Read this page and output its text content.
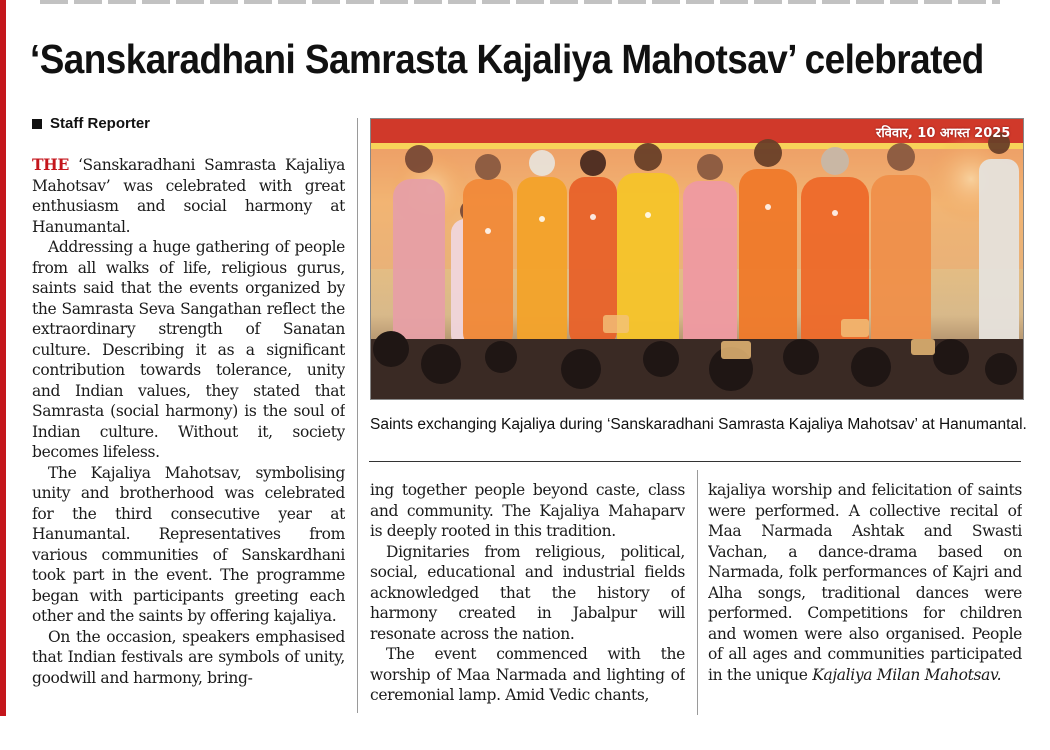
‘Sanskaradhani Samrasta Kajaliya Mahotsav’ celebrated
Staff Reporter

THE ‘Sanskaradhani Samrasta Kajaliya Mahotsav’ was celebrated with great enthusiasm and social harmony at Hanumantal.

Addressing a huge gathering of people from all walks of life, religious gurus, saints said that the events organized by the Samrasta Seva Sangathan reflect the extraordinary strength of Sanatan culture. Describing it as a significant contribution towards tolerance, unity and Indian values, they stated that Samrasta (social harmony) is the soul of Indian culture. Without it, society becomes lifeless.

The Kajaliya Mahotsav, symbolising unity and brotherhood was celebrated for the third consecutive year at Hanumantal. Representatives from various communities of Sanskardhani took part in the event. The programme began with participants greeting each other and the saints by offering kajaliya.

On the occasion, speakers emphasised that Indian festivals are symbols of unity, goodwill and harmony, bring-

रविवार, 10 अगस्त 2025
Saints exchanging Kajaliya during ‘Sanskaradhani Samrasta Kajaliya Mahotsav’ at Hanumantal.

ing together people beyond caste, class and community. The Kajaliya Mahaparv is deeply rooted in this tradition.

Dignitaries from religious, political, social, educational and industrial fields acknowledged that the history of harmony created in Jabalpur will resonate across the nation.

The event commenced with the worship of Maa Narmada and lighting of ceremonial lamp. Amid Vedic chants,

kajaliya worship and felicitation of saints were performed. A collective recital of Maa Narmada Ashtak and Swasti Vachan, a dance-drama based on Narmada, folk performances of Kajri and Alha songs, traditional dances were performed. Competitions for children and women were also organised. People of all ages and communities participated in the unique Kajaliya Milan Mahotsav.
